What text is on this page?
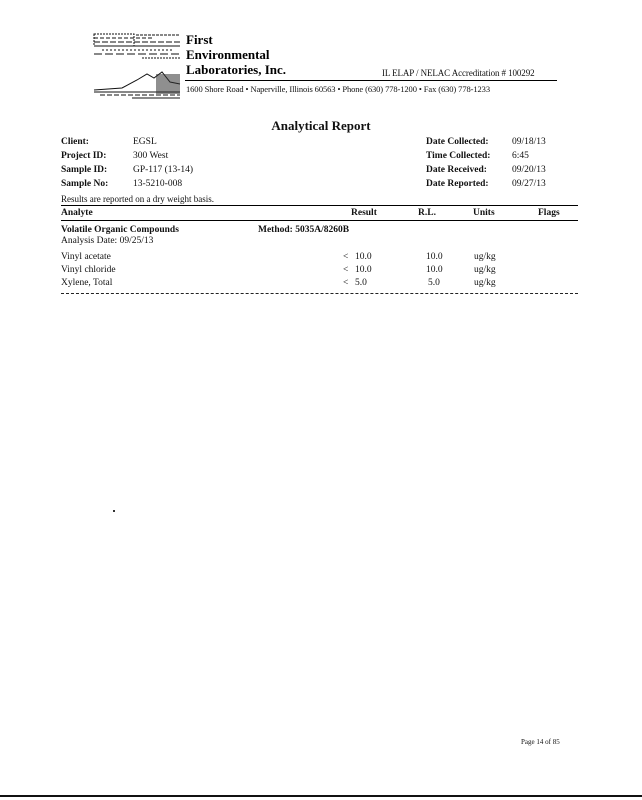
First
Environmental
Laboratories, Inc.	IL ELAP / NELAC Accreditation # 100292
1600 Shore Road • Naperville, Illinois 60563 • Phone (630) 778-1200 • Fax (630) 778-1233
Analytical Report
Client:	EGSL
Project ID:	300 West
Sample ID:	GP-117 (13-14)
Sample No:	13-5210-008
Date Collected: 09/18/13
Time Collected: 6:45
Date Received:	09/20/13
Date Reported: 09/27/13
Results are reported on a dry weight basis.
Analyte	Result	R.L.	Units	Flags
Volatile Organic Compounds	Method: 5035A/8260B
Analysis Date: 09/25/13
Vinyl acetate	< 10.0	10.0	ug/kg
Vinyl chloride	< 10.0	10.0	ug/kg
Xylene, Total	< 5.0	5.0	ug/kg
Page 14 of 85
